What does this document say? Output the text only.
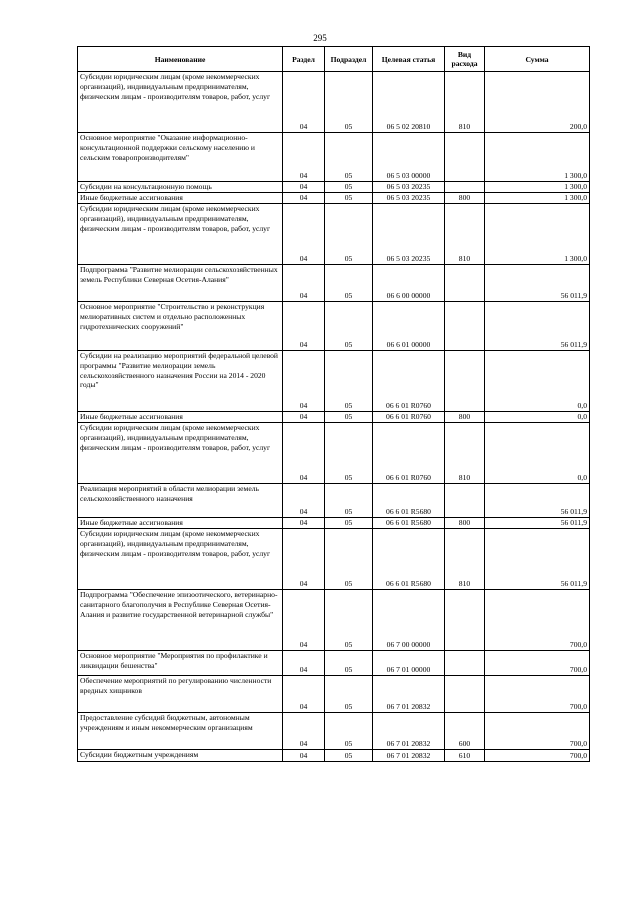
295
Наименование	Раздел	Подраздел	Целевая статья	Вид расхода	Сумма
Субсидии юридическим лицам (кроме некоммерческих организаций), индивидуальным предпринимателям, физическим лицам - производителям товаров, работ, услуг	04	05	06 5 02 20810	810	200,0
Основное мероприятие "Оказание информационно-консультационной поддержки сельскому населению и сельским товаропроизводителям"	04	05	06 5 03 00000		1 300,0
Субсидии на консультационную помощь	04	05	06 5 03 20235		1 300,0
Иные бюджетные ассигнования	04	05	06 5 03 20235	800	1 300,0
Субсидии юридическим лицам (кроме некоммерческих организаций), индивидуальным предпринимателям, физическим лицам - производителям товаров, работ, услуг	04	05	06 5 03 20235	810	1 300,0
Подпрограмма "Развитие мелиорации сельскохозяйственных земель Республики Северная Осетия-Алания"	04	05	06 6 00 00000		56 011,9
Основное мероприятие "Строительство и реконструкция мелиоративных систем и отдельно расположенных гидротехнических сооружений"	04	05	06 6 01 00000		56 011,9
Субсидии на реализацию мероприятий федеральной целевой программы "Развитие мелиорации земель сельскохозяйственного назначения России на 2014 - 2020 годы"	04	05	06 6 01 R0760		0,0
Иные бюджетные ассигнования	04	05	06 6 01 R0760	800	0,0
Субсидии юридическим лицам (кроме некоммерческих организаций), индивидуальным предпринимателям, физическим лицам - производителям товаров, работ, услуг	04	05	06 6 01 R0760	810	0,0
Реализация мероприятий в области мелиорации земель сельскохозяйственного назначения	04	05	06 6 01 R5680		56 011,9
Иные бюджетные ассигнования	04	05	06 6 01 R5680	800	56 011,9
Субсидии юридическим лицам (кроме некоммерческих организаций), индивидуальным предпринимателям, физическим лицам - производителям товаров, работ, услуг	04	05	06 6 01 R5680	810	56 011,9
Подпрограмма "Обеспечение эпизоотического, ветеринарно-санитарного благополучия в Республике Северная Осетия-Алания и развитие государственной ветеринарной службы"	04	05	06 7 00 00000		700,0
Основное мероприятие "Мероприятия по профилактике и ликвидации бешенства"	04	05	06 7 01 00000		700,0
Обеспечение мероприятий по регулированию численности вредных хищников	04	05	06 7 01 20832		700,0
Предоставление субсидий бюджетным, автономным учреждениям и иным некоммерческим организациям	04	05	06 7 01 20832	600	700,0
Субсидии бюджетным учреждениям	04	05	06 7 01 20832	610	700,0
